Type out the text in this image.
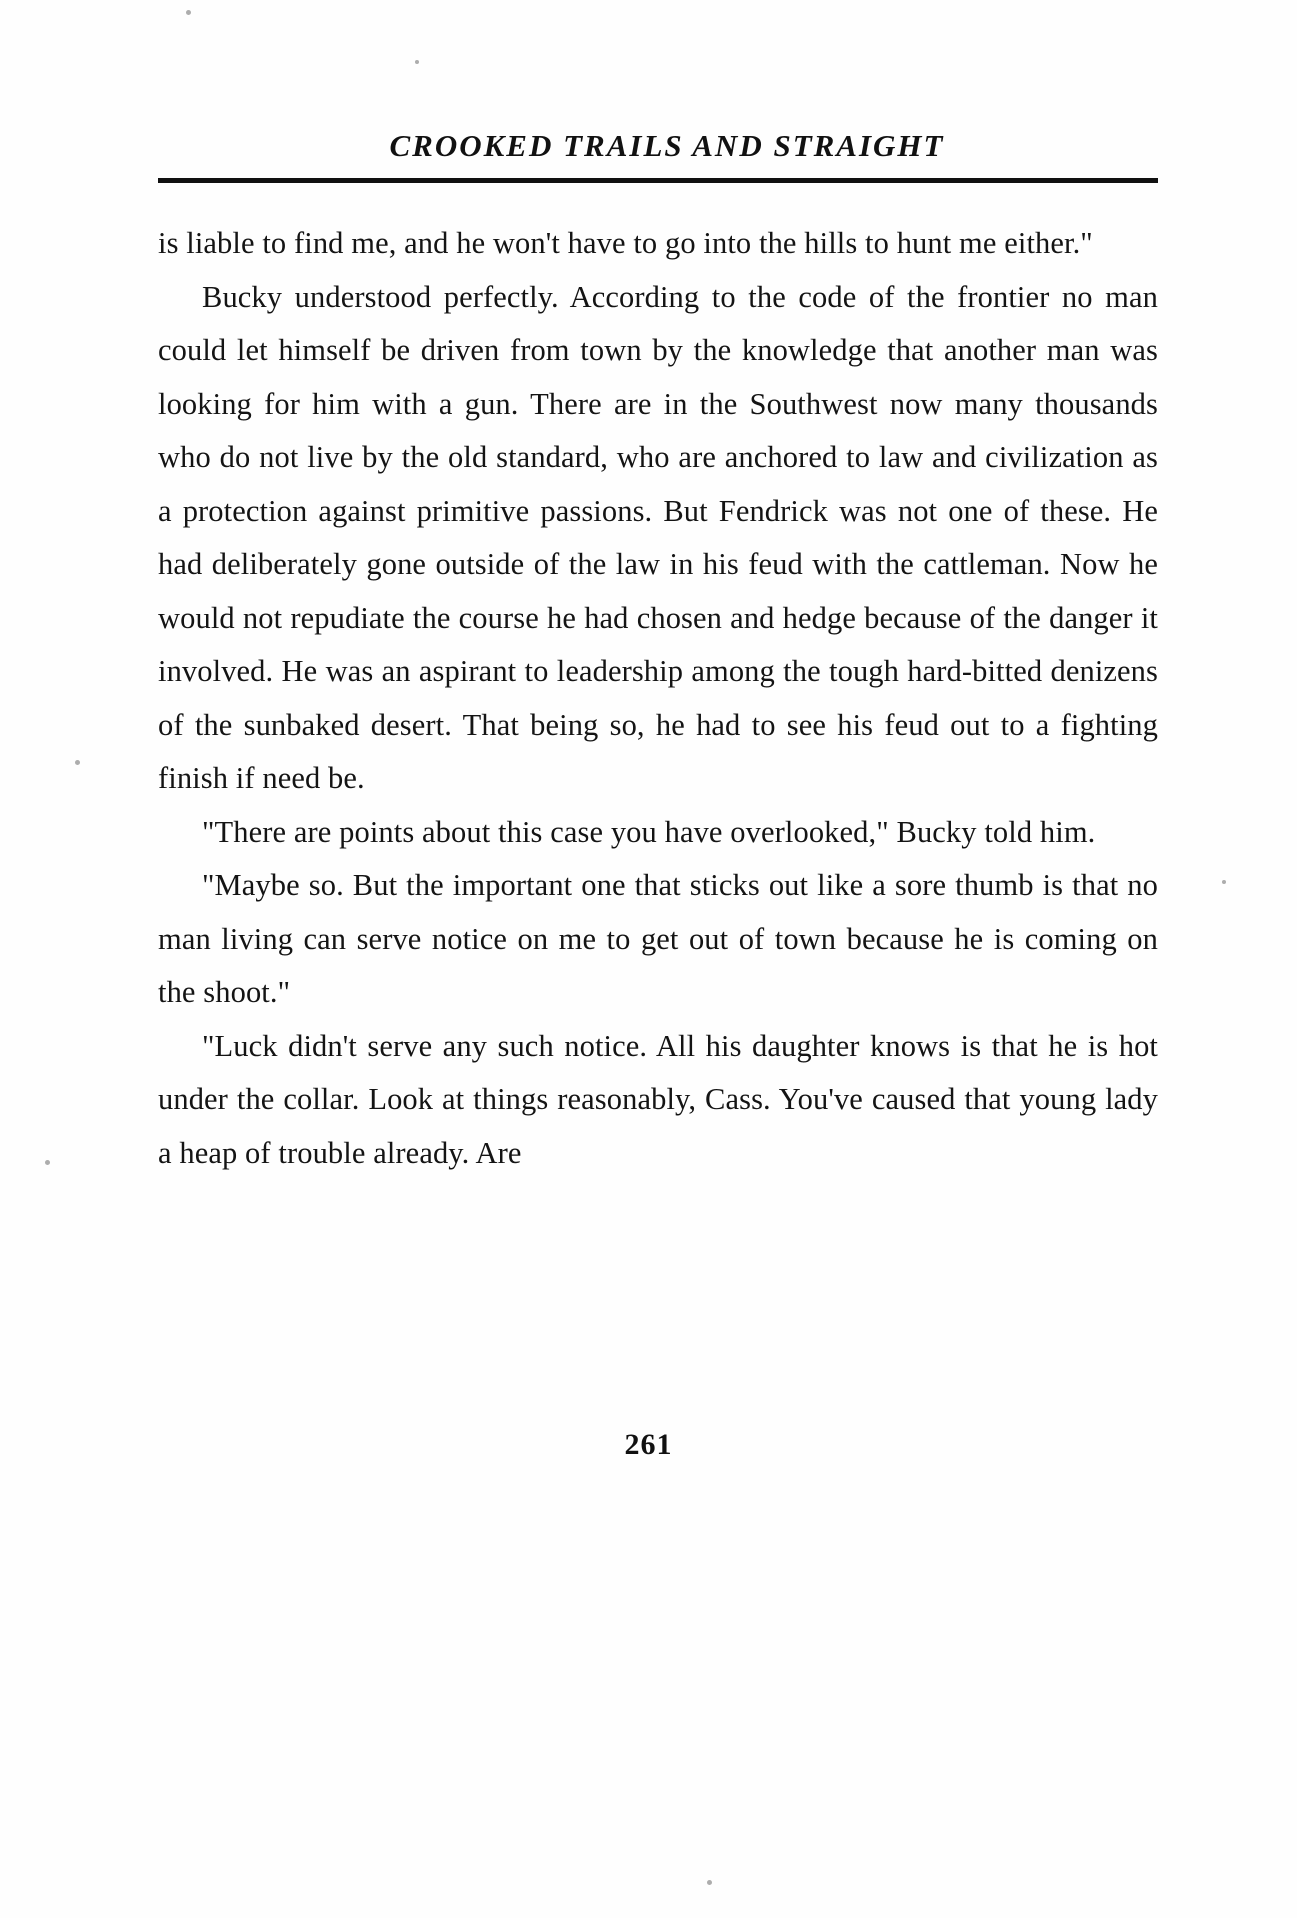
CROOKED TRAILS AND STRAIGHT

is liable to find me, and he won't have to go into the hills to hunt me either."

Bucky understood perfectly. According to the code of the frontier no man could let himself be driven from town by the knowledge that another man was looking for him with a gun. There are in the Southwest now many thousands who do not live by the old standard, who are anchored to law and civilization as a protection against primitive passions. But Fendrick was not one of these. He had deliberately gone outside of the law in his feud with the cattleman. Now he would not repudiate the course he had chosen and hedge because of the danger it involved. He was an aspirant to leadership among the tough hard-bitted denizens of the sunbaked desert. That being so, he had to see his feud out to a fighting finish if need be.

"There are points about this case you have overlooked," Bucky told him.

"Maybe so. But the important one that sticks out like a sore thumb is that no man living can serve notice on me to get out of town because he is coming on the shoot."

"Luck didn't serve any such notice. All his daughter knows is that he is hot under the collar. Look at things reasonably, Cass. You've caused that young lady a heap of trouble already. Are

261
